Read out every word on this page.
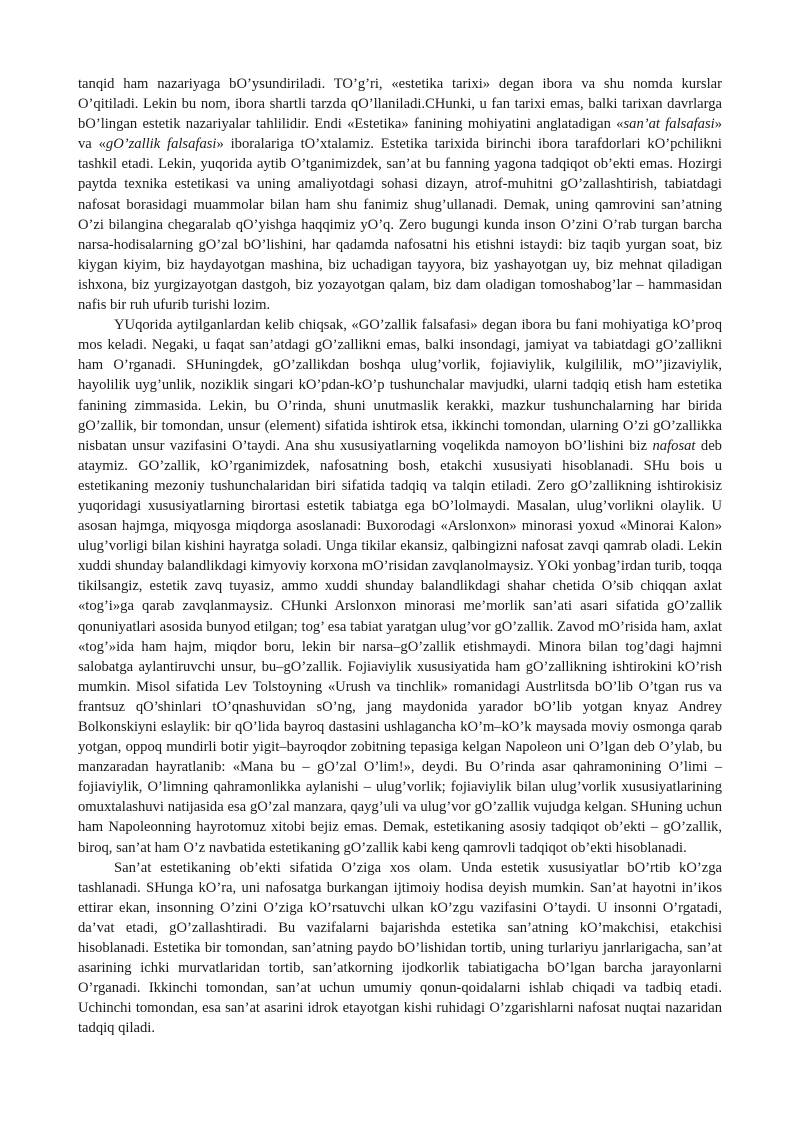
tanqid ham nazariyaga bO’ysundiriladi. TO’g’ri, «estetika tarixi» degan ibora va shu nomda kurslar O’qitiladi. Lekin bu nom, ibora shartli tarzda qO’llaniladi.CHunki, u fan tarixi emas, balki tarixan davrlarga bO’lingan estetik nazariyalar tahlilidir. Endi «Estetika» fanining mohiyatini anglatadigan «san’at falsafasi» va «gO’zallik falsafasi» iboralariga tO’xtalamiz. Estetika tarixida birinchi ibora tarafdorlari kO’pchilikni tashkil etadi. Lekin, yuqorida aytib O’tganimizdek, san’at bu fanning yagona tadqiqot ob’ekti emas. Hozirgi paytda texnika estetikasi va uning amaliyotdagi sohasi dizayn, atrof-muhitni gO’zallashtirish, tabiatdagi nafosat borasidagi muammolar bilan ham shu fanimiz shug’ullanadi. Demak, uning qamrovini san’atning O’zi bilangina chegaralab qO’yishga haqqimiz yO’q. Zero bugungi kunda inson O’zini O’rab turgan barcha narsa-hodisalarning gO’zal bO’lishini, har qadamda nafosatni his etishni istaydi: biz taqib yurgan soat, biz kiygan kiyim, biz haydayotgan mashina, biz uchadigan tayyora, biz yashayotgan uy, biz mehnat qiladigan ishxona, biz yurgizayotgan dastgoh, biz yozayotgan qalam, biz dam oladigan tomoshabog’lar – hammasidan nafis bir ruh ufurib turishi lozim.

YUqorida aytilganlardan kelib chiqsak, «GO’zallik falsafasi» degan ibora bu fani mohiyatiga kO’proq mos keladi. Negaki, u faqat san’atdagi gO’zallikni emas, balki insondagi, jamiyat va tabiatdagi gO’zallikni ham O’rganadi. SHuningdek, gO’zallikdan boshqa ulug’vorlik, fojiaviylik, kulgililik, mO’’jizaviylik, hayolilik uyg’unlik, noziklik singari kO’pdan-kO’p tushunchalar mavjudki, ularni tadqiq etish ham estetika fanining zimmasida. Lekin, bu O’rinda, shuni unutmaslik kerakki, mazkur tushunchalarning har birida gO’zallik, bir tomondan, unsur (element) sifatida ishtirok etsa, ikkinchi tomondan, ularning O’zi gO’zallikka nisbatan unsur vazifasini O’taydi. Ana shu xususiyatlarning voqelikda namoyon bO’lishini biz nafosat deb ataymiz. GO’zallik, kO’rganimizdek, nafosatning bosh, etakchi xususiyati hisoblanadi. SHu bois u estetikaning mezoniy tushunchalaridan biri sifatida tadqiq va talqin etiladi. Zero gO’zallikning ishtirokisiz yuqoridagi xususiyatlarning birortasi estetik tabiatga ega bO’lolmaydi. Masalan, ulug’vorlikni olaylik. U asosan hajmga, miqyosga miqdorga asoslanadi: Buxorodagi «Arslonxon» minorasi yoxud «Minorai Kalon» ulug’vorligi bilan kishini hayratga soladi. Unga tikilar ekansiz, qalbingizni nafosat zavqi qamrab oladi. Lekin xuddi shunday balandlikdagi kimyoviy korxona mO’risidan zavqlanolmaysiz. YOki yonbag’irdan turib, toqqa tikilsangiz, estetik zavq tuyasiz, ammo xuddi shunday balandlikdagi shahar chetida O’sib chiqqan axlat «tog’i»ga qarab zavqlanmaysiz. CHunki Arslonxon minorasi me’morlik san’ati asari sifatida gO’zallik qonuniyatlari asosida bunyod etilgan; tog’ esa tabiat yaratgan ulug’vor gO’zallik. Zavod mO’risida ham, axlat «tog’»ida ham hajm, miqdor boru, lekin bir narsa–gO’zallik etishmaydi. Minora bilan tog’dagi hajmni salobatga aylantiruvchi unsur, bu–gO’zallik. Fojiaviylik xususiyatida ham gO’zallikning ishtirokini kO’rish mumkin. Misol sifatida Lev Tolstoyning «Urush va tinchlik» romanidagi Austrlitsda bO’lib O’tgan rus va frantsuz qO’shinlari tO’qnashuvidan sO’ng, jang maydonida yarador bO’lib yotgan knyaz Andrey Bolkonskiyni eslaylik: bir qO’lida bayroq dastasini ushlagancha kO’m–kO’k maysada moviy osmonga qarab yotgan, oppoq mundirli botir yigit–bayroqdor zobitning tepasiga kelgan Napoleon uni O’lgan deb O’ylab, bu manzaradan hayratlanib: «Mana bu – gO’zal O’lim!», deydi. Bu O’rinda asar qahramonining O’limi – fojiaviylik, O’limning qahramonlikka aylanishi – ulug’vorlik; fojiaviylik bilan ulug’vorlik xususiyatlarining omuxtalashuvi natijasida esa gO’zal manzara, qayg’uli va ulug’vor gO’zallik vujudga kelgan. SHuning uchun ham Napoleonning hayrotomuz xitobi bejiz emas. Demak, estetikaning asosiy tadqiqot ob’ekti – gO’zallik, biroq, san’at ham O’z navbatida estetikaning gO’zallik kabi keng qamrovli tadqiqot ob’ekti hisoblanadi.

San’at estetikaning ob’ekti sifatida O’ziga xos olam. Unda estetik xususiyatlar bO’rtib kO’zga tashlanadi. SHunga kO’ra, uni nafosatga burkangan ijtimoiy hodisa deyish mumkin. San’at hayotni in’ikos ettirar ekan, insonning O’zini O’ziga kO’rsatuvchi ulkan kO’zgu vazifasini O’taydi. U insonni O’rgatadi, da’vat etadi, gO’zallashtiradi. Bu vazifalarni bajarishda estetika san’atning kO’makchisi, etakchisi hisoblanadi. Estetika bir tomondan, san’atning paydo bO’lishidan tortib, uning turlariyu janrlarigacha, san’at asarining ichki murvatlaridan tortib, san’atkorning ijodkorlik tabiatigacha bO’lgan barcha jarayonlarni O’rganadi. Ikkinchi tomondan, san’at uchun umumiy qonun-qoidalarni ishlab chiqadi va tadbiq etadi. Uchinchi tomondan, esa san’at asarini idrok etayotgan kishi ruhidagi O’zgarishlarni nafosat nuqtai nazaridan tadqiq qiladi.
